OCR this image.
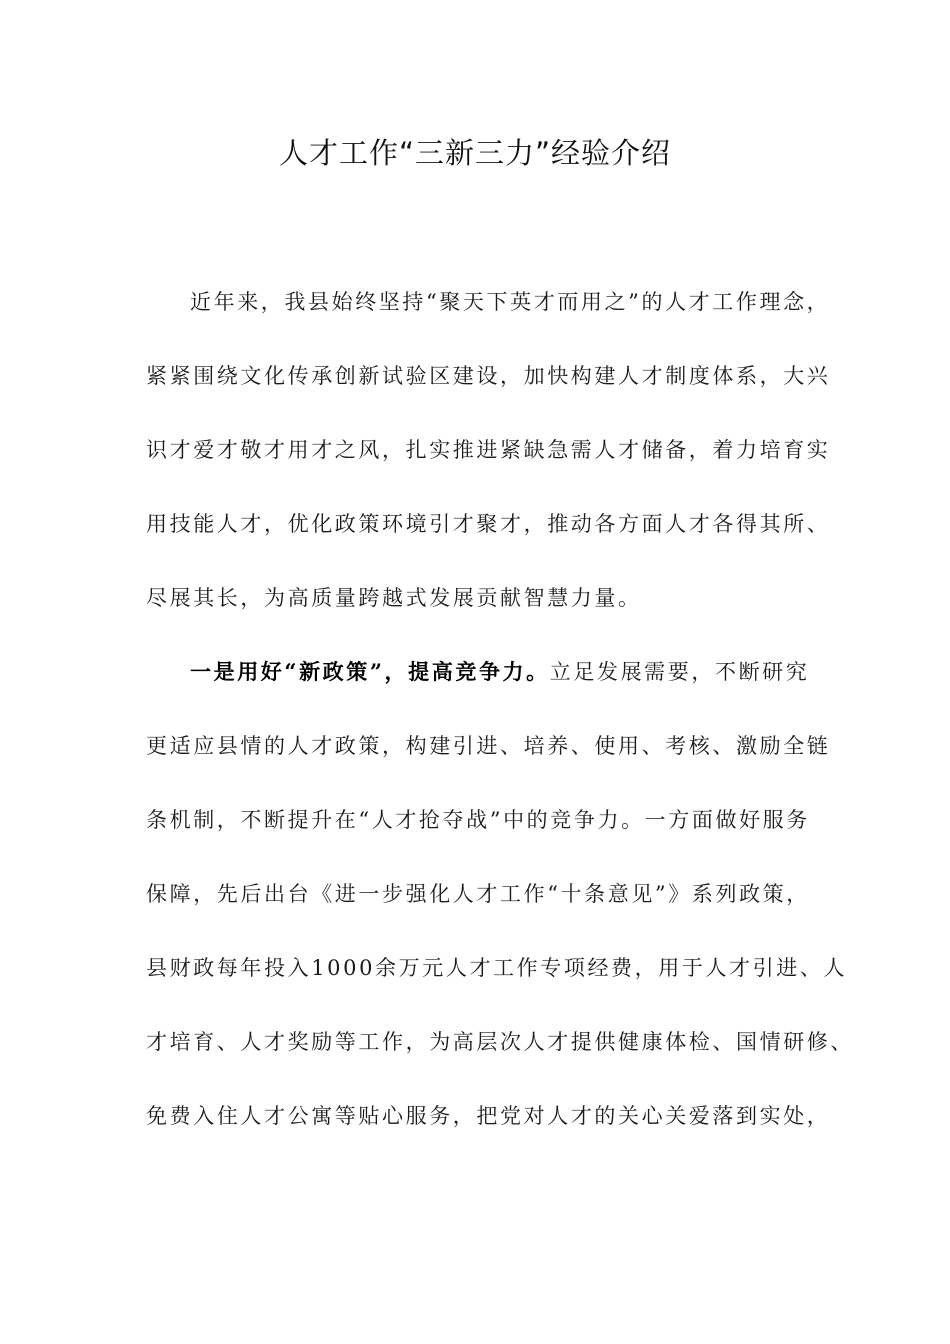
人才工作“三新三力”经验介绍

近年来，我县始终坚持“聚天下英才而用之”的人才工作理念，

紧紧围绕文化传承创新试验区建设，加快构建人才制度体系，大兴

识才爱才敬才用才之风，扎实推进紧缺急需人才储备，着力培育实

用技能人才，优化政策环境引才聚才，推动各方面人才各得其所、

尽展其长，为高质量跨越式发展贡献智慧力量。

一是用好“新政策”，提高竞争力。立足发展需要，不断研究

更适应县情的人才政策，构建引进、培养、使用、考核、激励全链

条机制，不断提升在“人才抢夺战”中的竞争力。一方面做好服务

保障，先后出台《进一步强化人才工作“十条意见”》系列政策，

县财政每年投入1000余万元人才工作专项经费，用于人才引进、人

才培育、人才奖励等工作，为高层次人才提供健康体检、国情研修、

免费入住人才公寓等贴心服务，把党对人才的关心关爱落到实处，
